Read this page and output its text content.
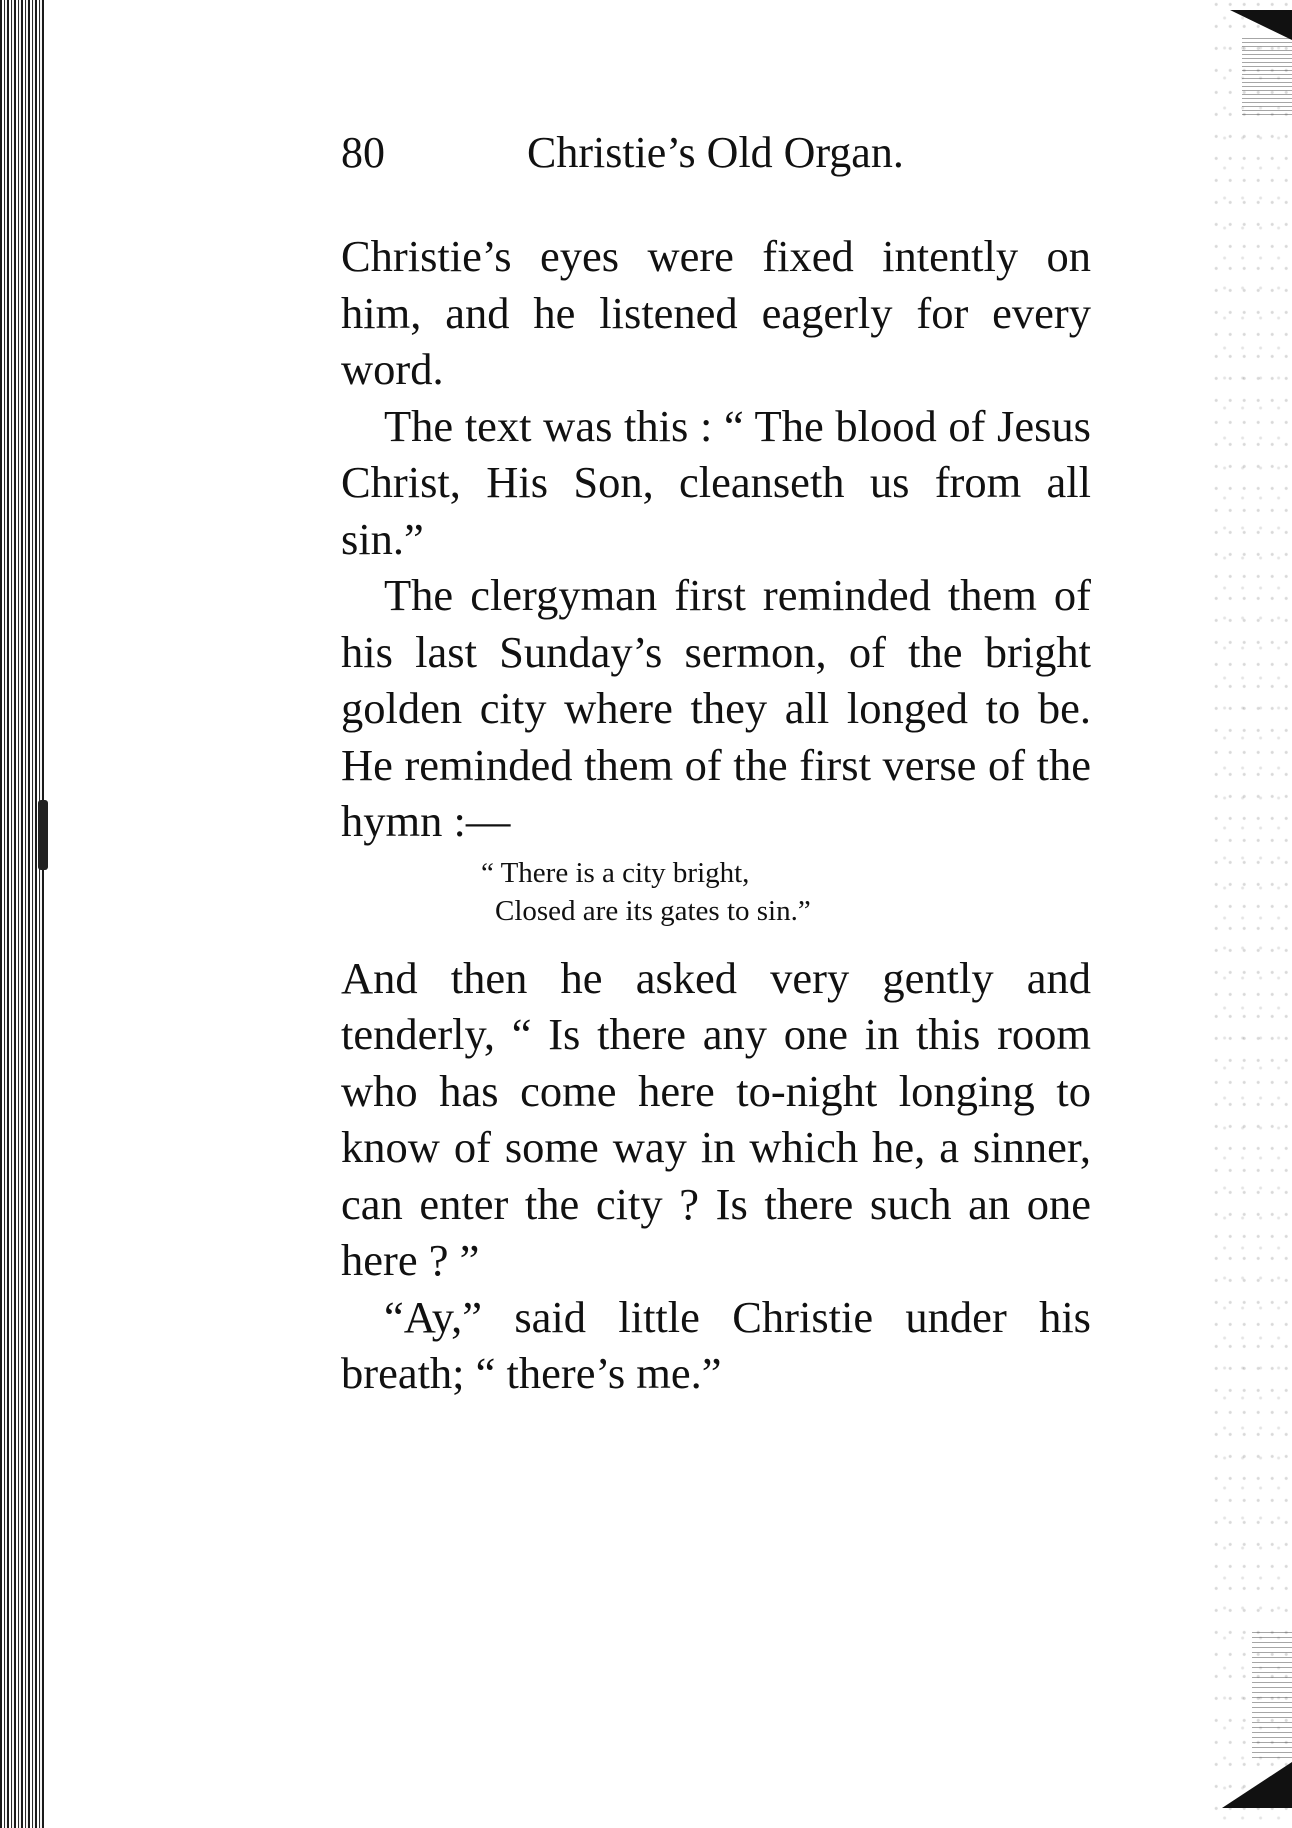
80	Christie’s Old Organ.

Christie’s eyes were fixed intently on him, and he listened eagerly for every word.

The text was this : “ The blood of Jesus Christ, His Son, cleanseth us from all sin.”

The clergyman first reminded them of his last Sunday’s sermon, of the bright golden city where they all longed to be. He reminded them of the first verse of the hymn :—

“ There is a city bright,
Closed are its gates to sin.”

And then he asked very gently and tenderly, “ Is there any one in this room who has come here to-night longing to know of some way in which he, a sinner, can enter the city ? Is there such an one here ? ”

“Ay,” said little Christie under his breath; “ there’s me.”
